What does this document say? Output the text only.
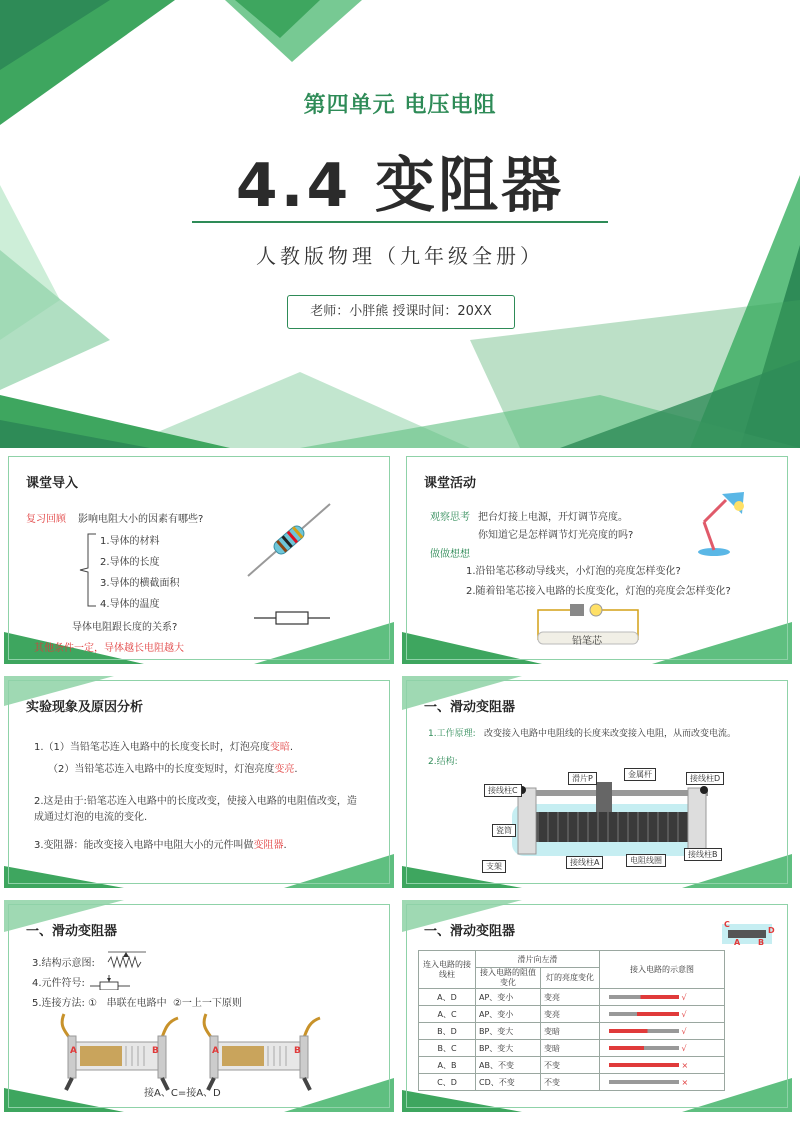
第四单元 电压电阻
4.4 变阻器
人教版物理（九年级全册）
老师：小胖熊 授课时间：20XX
课堂导入
复习回顾 影响电阻大小的因素有哪些?
1.导体的材料
2.导体的长度
3.导体的横截面积
4.导体的温度
导体电阻跟长度的关系?
其他条件一定，导体越长电阻越大
课堂活动
观察思考 把台灯接上电源，开灯调节亮度。
你知道它是怎样调节灯光亮度的吗?
做做想想
1.沿铅笔芯移动导线夹，小灯泡的亮度怎样变化?
2.随着铅笔芯接入电路的长度变化，灯泡的亮度会怎样变化?
铅笔芯
实验现象及原因分析
1.（1）当铅笔芯连入电路中的长度变长时，灯泡亮度变暗.
（2）当铅笔芯连入电路中的长度变短时，灯泡亮度变亮.
2.这是由于:铅笔芯连入电路中的长度改变，使接入电路的电阻值改变，造
成通过灯泡的电流的变化.
3.变阻器：能改变接入电路中电阻大小的元件叫做变阻器.
一、滑动变阻器
1.工作原理: 改变接入电路中电阻线的长度来改变接入电阻，从而改变电流。
2.结构:
接线柱C
滑片P	金属杆	接线柱D
瓷筒
支架	接线柱A	电阻线圈
接线柱B
一、滑动变阻器
3.结构示意图:
4.元件符号:
5.连接方法: ① 串联在电路中 ②一上一下原则
A	B	A	B
接A、C=接A、D
一、滑动变阻器	C
D
A B
连入电路的接线柱	滑片向左滑		接入电路的示意图
	接入电路的阻值变化	灯的亮度变化	
A、D	AP、变小	变亮	√
A、C	AP、变小	变亮	√
B、D	BP、变大	变暗	√
B、C	BP、变大	变暗	√
A、B	AB、不变	不变	×
C、D	CD、不变	不变	×
